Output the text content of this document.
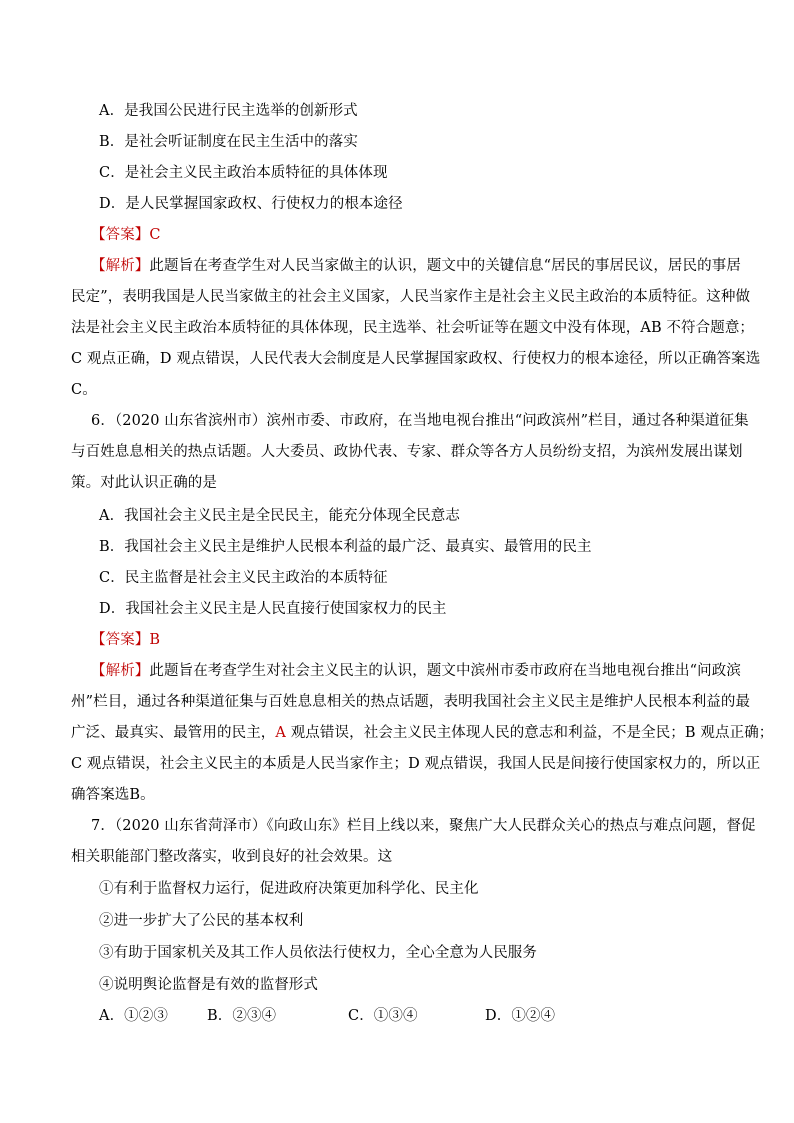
A．是我国公民进行民主选举的创新形式
B．是社会听证制度在民主生活中的落实
C．是社会主义民主政治本质特征的具体体现
D．是人民掌握国家政权、行使权力的根本途径
【答案】C
【解析】此题旨在考查学生对人民当家做主的认识，题文中的关键信息“居民的事居民议，居民的事居
民定”，表明我国是人民当家做主的社会主义国家，人民当家作主是社会主义民主政治的本质特征。这种做
法是社会主义民主政治本质特征的具体体现，民主选举、社会听证等在题文中没有体现，AB 不符合题意；
C 观点正确，D 观点错误，人民代表大会制度是人民掌握国家政权、行使权力的根本途径，所以正确答案选
C。
6．（2020 山东省滨州市）滨州市委、市政府，在当地电视台推出“问政滨州”栏目，通过各种渠道征集
与百姓息息相关的热点话题。人大委员、政协代表、专家、群众等各方人员纷纷支招，为滨州发展出谋划
策。对此认识正确的是
A．我国社会主义民主是全民民主，能充分体现全民意志
B．我国社会主义民主是维护人民根本利益的最广泛、最真实、最管用的民主
C．民主监督是社会主义民主政治的本质特征
D．我国社会主义民主是人民直接行使国家权力的民主
【答案】B
【解析】此题旨在考查学生对社会主义民主的认识，题文中滨州市委市政府在当地电视台推出“问政滨
州”栏目，通过各种渠道征集与百姓息息相关的热点话题，表明我国社会主义民主是维护人民根本利益的最
广泛、最真实、最管用的民主，A 观点错误，社会主义民主体现人民的意志和利益，不是全民；B 观点正确；
C 观点错误，社会主义民主的本质是人民当家作主；D 观点错误，我国人民是间接行使国家权力的，所以正
确答案选B。
7．（2020 山东省菏泽市）《向政山东》栏目上线以来，聚焦广大人民群众关心的热点与难点问题，督促
相关职能部门整改落实，收到良好的社会效果。这
①有利于监督权力运行，促进政府决策更加科学化、民主化
②进一步扩大了公民的基本权利
③有助于国家机关及其工作人员依法行使权力，全心全意为人民服务
④说明舆论监督是有效的监督形式
A．①②③	B．②③④	C．①③④	D．①②④
